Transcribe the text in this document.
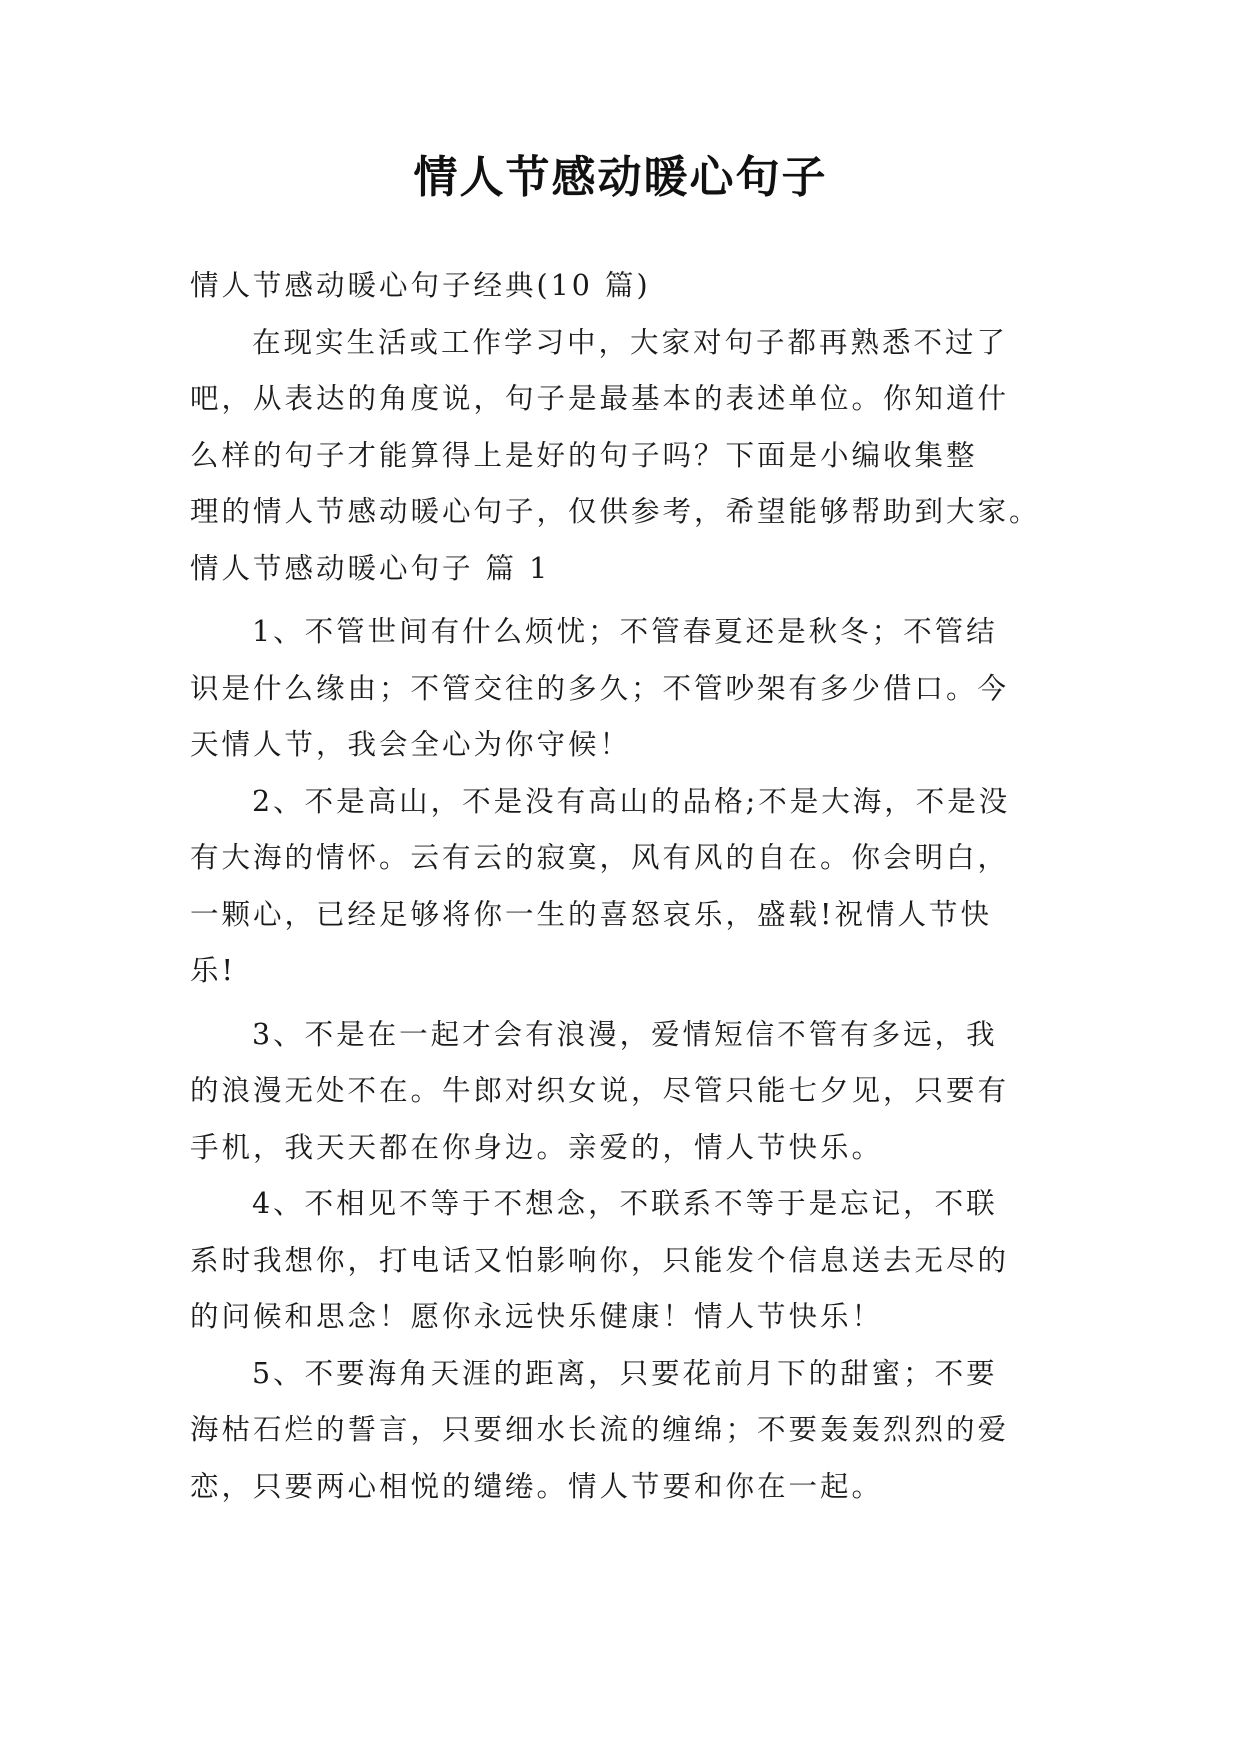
情人节感动暖心句子

情人节感动暖心句子经典(10 篇)

在现实生活或工作学习中，大家对句子都再熟悉不过了

吧，从表达的角度说，句子是最基本的表述单位。你知道什

么样的句子才能算得上是好的句子吗？下面是小编收集整

理的情人节感动暖心句子，仅供参考，希望能够帮助到大家。

情人节感动暖心句子 篇 1

1、不管世间有什么烦忧；不管春夏还是秋冬；不管结

识是什么缘由；不管交往的多久；不管吵架有多少借口。今

天情人节，我会全心为你守候！

2、不是高山，不是没有高山的品格;不是大海，不是没

有大海的情怀。云有云的寂寞，风有风的自在。你会明白，

一颗心，已经足够将你一生的喜怒哀乐，盛载!祝情人节快

乐!

3、不是在一起才会有浪漫，爱情短信不管有多远，我

的浪漫无处不在。牛郎对织女说，尽管只能七夕见，只要有

手机，我天天都在你身边。亲爱的，情人节快乐。

4、不相见不等于不想念，不联系不等于是忘记，不联

系时我想你，打电话又怕影响你，只能发个信息送去无尽的

的问候和思念！愿你永远快乐健康！情人节快乐！

5、不要海角天涯的距离，只要花前月下的甜蜜；不要

海枯石烂的誓言，只要细水长流的缠绵；不要轰轰烈烈的爱

恋，只要两心相悦的缱绻。情人节要和你在一起。
